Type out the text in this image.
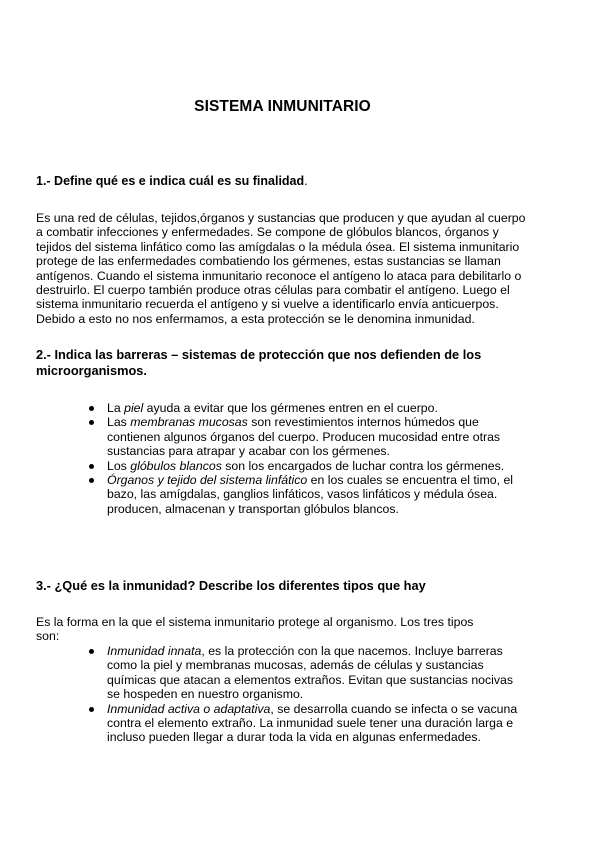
SISTEMA INMUNITARIO
1.- Define qué es e indica cuál es su finalidad.
Es una red de células, tejidos,órganos y sustancias que producen y que ayudan al cuerpo
a combatir infecciones y enfermedades. Se compone de glóbulos blancos, órganos y
tejidos del sistema linfático como las amígdalas o la médula ósea. El sistema inmunitario
protege de las enfermedades combatiendo los gérmenes, estas sustancias se llaman
antígenos. Cuando el sistema inmunitario reconoce el antígeno lo ataca para debilitarlo o
destruirlo. El cuerpo también produce otras células para combatir el antígeno. Luego el
sistema inmunitario recuerda el antígeno y si vuelve a identificarlo envía anticuerpos.
Debido a esto no nos enfermamos, a esta protección se le denomina inmunidad.
2.- Indica las barreras – sistemas de protección que nos defienden de los
microorganismos.
La piel ayuda a evitar que los gérmenes entren en el cuerpo.
Las membranas mucosas son revestimientos internos húmedos que
contienen algunos órganos del cuerpo. Producen mucosidad entre otras
sustancias para atrapar y acabar con los gérmenes.
Los glóbulos blancos son los encargados de luchar contra los gérmenes.
Órganos y tejido del sistema linfático en los cuales se encuentra el timo, el
bazo, las amígdalas, ganglios linfáticos, vasos linfáticos y médula ósea.
producen, almacenan y transportan glóbulos blancos.
3.- ¿Qué es la inmunidad? Describe los diferentes tipos que hay
Es la forma en la que el sistema inmunitario protege al organismo. Los tres tipos
son:
Inmunidad innata, es la protección con la que nacemos. Incluye barreras
como la piel y membranas mucosas, además de células y sustancias
químicas que atacan a elementos extraños. Evitan que sustancias nocivas
se hospeden en nuestro organismo.
Inmunidad activa o adaptativa, se desarrolla cuando se infecta o se vacuna
contra el elemento extraño. La inmunidad suele tener una duración larga e
incluso pueden llegar a durar toda la vida en algunas enfermedades.
